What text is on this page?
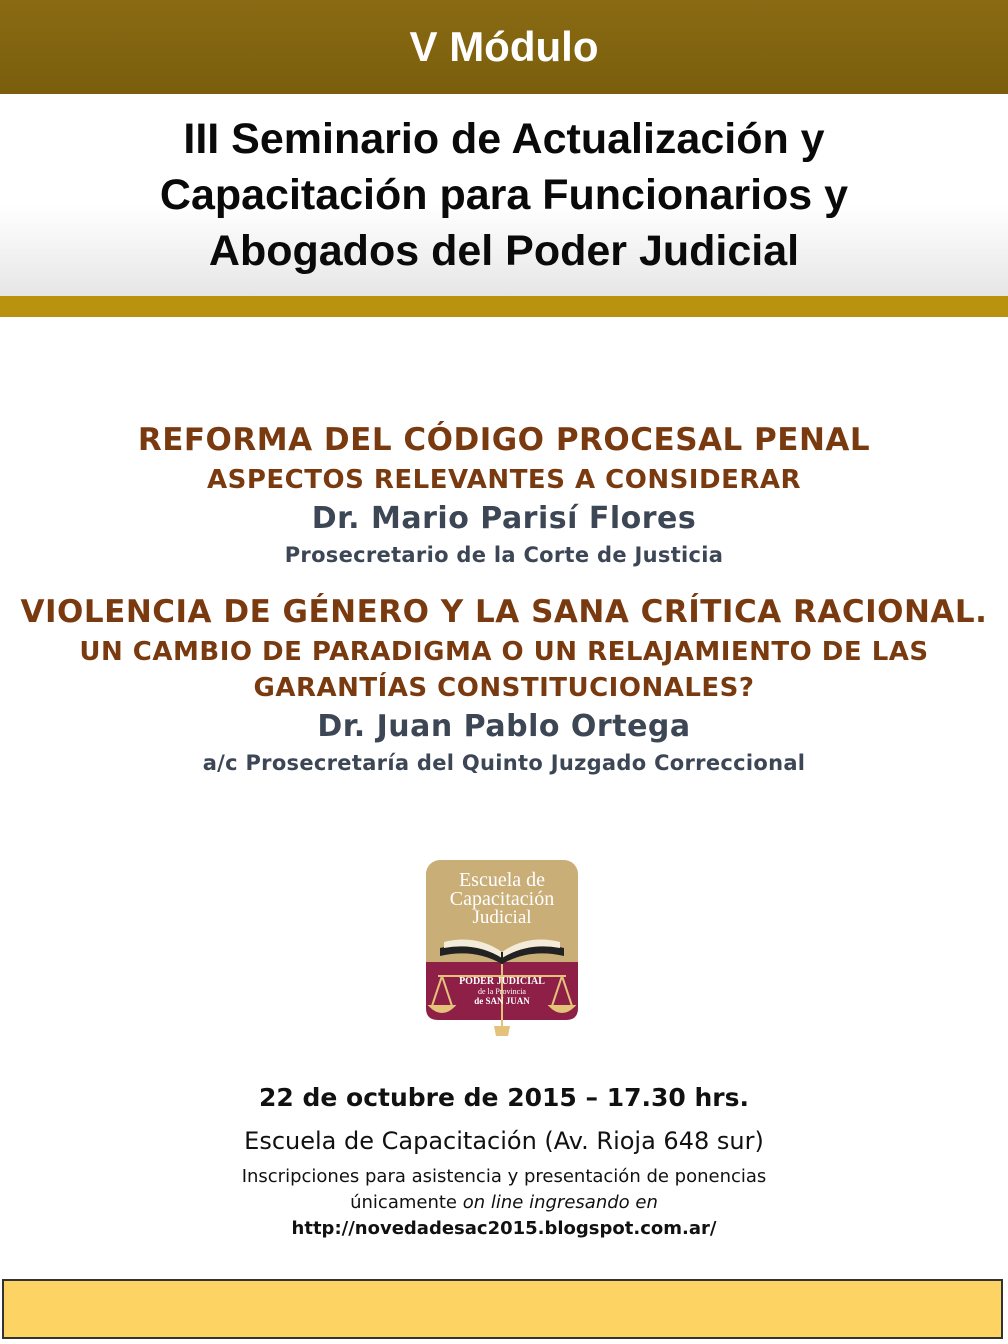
V Módulo
III Seminario de Actualización y
Capacitación para Funcionarios y
Abogados del Poder Judicial
REFORMA DEL CÓDIGO PROCESAL PENAL
ASPECTOS RELEVANTES A CONSIDERAR
Dr. Mario Parisí Flores
Prosecretario de la Corte de Justicia
VIOLENCIA DE GÉNERO Y LA SANA CRÍTICA RACIONAL.
UN CAMBIO DE PARADIGMA O UN RELAJAMIENTO DE LAS
GARANTÍAS CONSTITUCIONALES?
Dr. Juan Pablo Ortega
a/c Prosecretaría del Quinto Juzgado Correccional
Escuela de
Capacitación
Judicial
PODER JUDICIAL
de la Provincia
de SAN JUAN
22 de octubre de 2015 – 17.30 hrs.
Escuela de Capacitación (Av. Rioja 648 sur)
Inscripciones para asistencia y presentación de ponencias
únicamente on line ingresando en
http://novedadesac2015.blogspot.com.ar/
